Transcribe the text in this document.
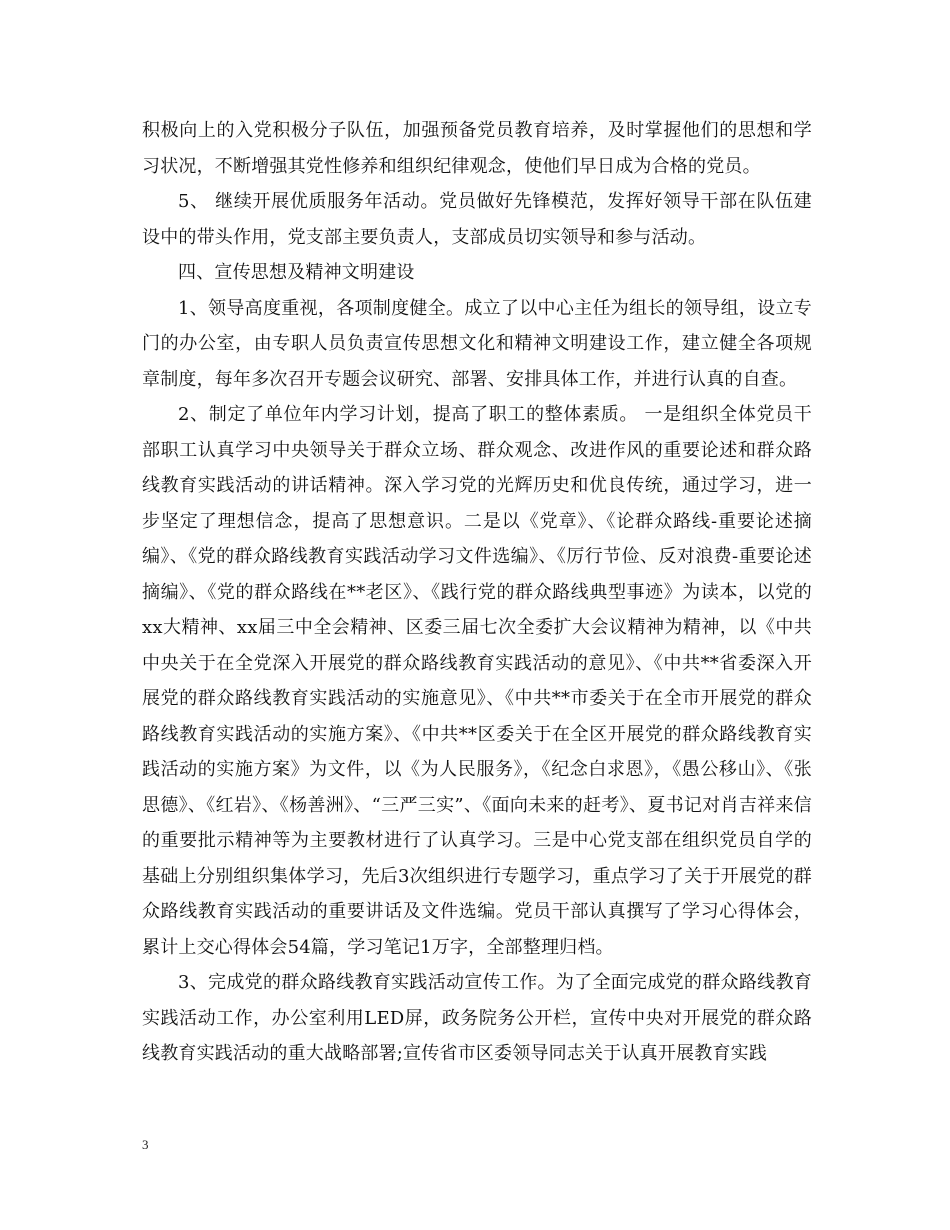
积极向上的入党积极分子队伍，加强预备党员教育培养，及时掌握他们的思想和学习状况，不断增强其党性修养和组织纪律观念，使他们早日成为合格的党员。

5、 继续开展优质服务年活动。党员做好先锋模范，发挥好领导干部在队伍建设中的带头作用，党支部主要负责人，支部成员切实领导和参与活动。

四、宣传思想及精神文明建设

1、领导高度重视，各项制度健全。成立了以中心主任为组长的领导组，设立专门的办公室，由专职人员负责宣传思想文化和精神文明建设工作，建立健全各项规章制度，每年多次召开专题会议研究、部署、安排具体工作，并进行认真的自查。

2、制定了单位年内学习计划，提高了职工的整体素质。 一是组织全体党员干部职工认真学习中央领导关于群众立场、群众观念、改进作风的重要论述和群众路线教育实践活动的讲话精神。深入学习党的光辉历史和优良传统，通过学习，进一步坚定了理想信念，提高了思想意识。二是以《党章》、《论群众路线-重要论述摘编》、《党的群众路线教育实践活动学习文件选编》、《厉行节俭、反对浪费-重要论述摘编》、《党的群众路线在**老区》、《践行党的群众路线典型事迹》为读本，以党的xx大精神、xx届三中全会精神、区委三届七次全委扩大会议精神为精神，以《中共中央关于在全党深入开展党的群众路线教育实践活动的意见》、《中共**省委深入开展党的群众路线教育实践活动的实施意见》、《中共**市委关于在全市开展党的群众路线教育实践活动的实施方案》、《中共**区委关于在全区开展党的群众路线教育实践活动的实施方案》为文件，以《为人民服务》，《纪念白求恩》，《愚公移山》、《张思德》、《红岩》、《杨善洲》、“三严三实”、《面向未来的赶考》、夏书记对肖吉祥来信的重要批示精神等为主要教材进行了认真学习。三是中心党支部在组织党员自学的基础上分别组织集体学习，先后3次组织进行专题学习，重点学习了关于开展党的群众路线教育实践活动的重要讲话及文件选编。党员干部认真撰写了学习心得体会，累计上交心得体会54篇，学习笔记1万字，全部整理归档。

3、完成党的群众路线教育实践活动宣传工作。为了全面完成党的群众路线教育实践活动工作，办公室利用LED屏，政务院务公开栏，宣传中央对开展党的群众路线教育实践活动的重大战略部署;宣传省市区委领导同志关于认真开展教育实践

3
